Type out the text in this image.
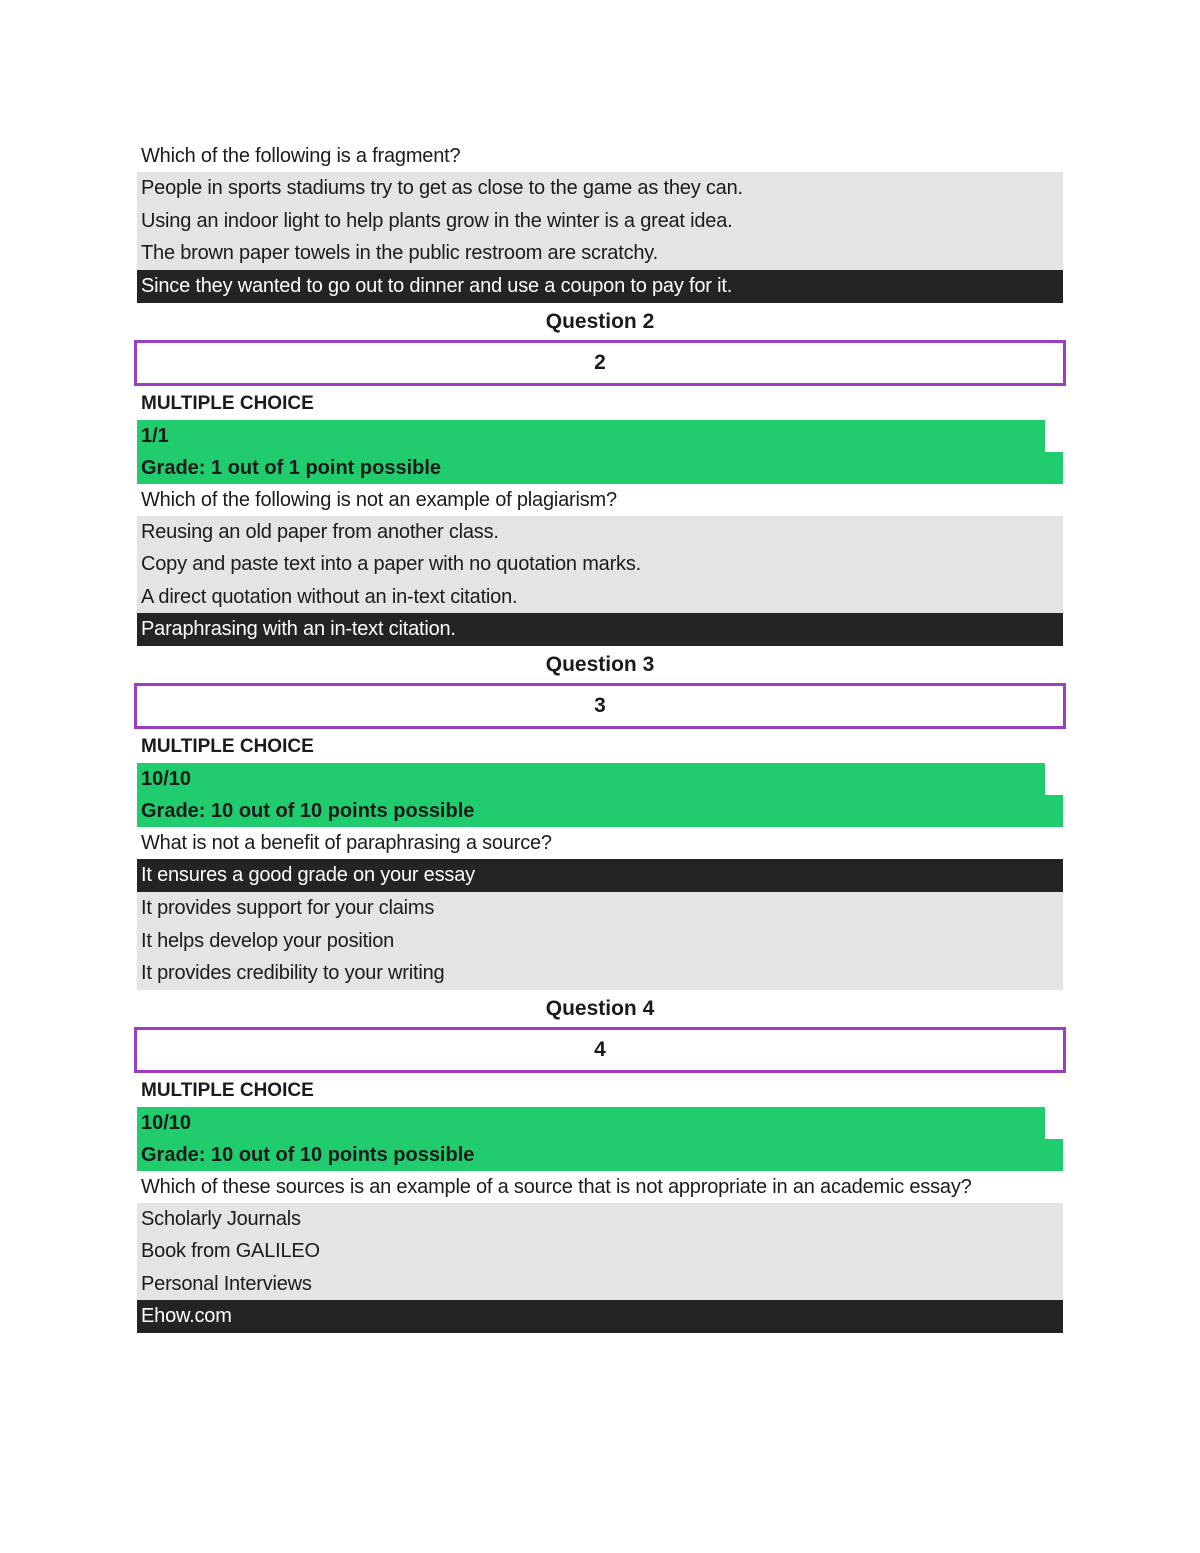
Which of the following is a fragment?
People in sports stadiums try to get as close to the game as they can.
Using an indoor light to help plants grow in the winter is a great idea.
The brown paper towels in the public restroom are scratchy.
Since they wanted to go out to dinner and use a coupon to pay for it.
Question 2
2
MULTIPLE CHOICE
1/1
Grade: 1 out of 1 point possible
Which of the following is not an example of plagiarism?
Reusing an old paper from another class.
Copy and paste text into a paper with no quotation marks.
A direct quotation without an in-text citation.
Paraphrasing with an in-text citation.
Question 3
3
MULTIPLE CHOICE
10/10
Grade: 10 out of 10 points possible
What is not a benefit of paraphrasing a source?
It ensures a good grade on your essay
It provides support for your claims
It helps develop your position
It provides credibility to your writing
Question 4
4
MULTIPLE CHOICE
10/10
Grade: 10 out of 10 points possible
Which of these sources is an example of a source that is not appropriate in an academic essay?
Scholarly Journals
Book from GALILEO
Personal Interviews
Ehow.com
